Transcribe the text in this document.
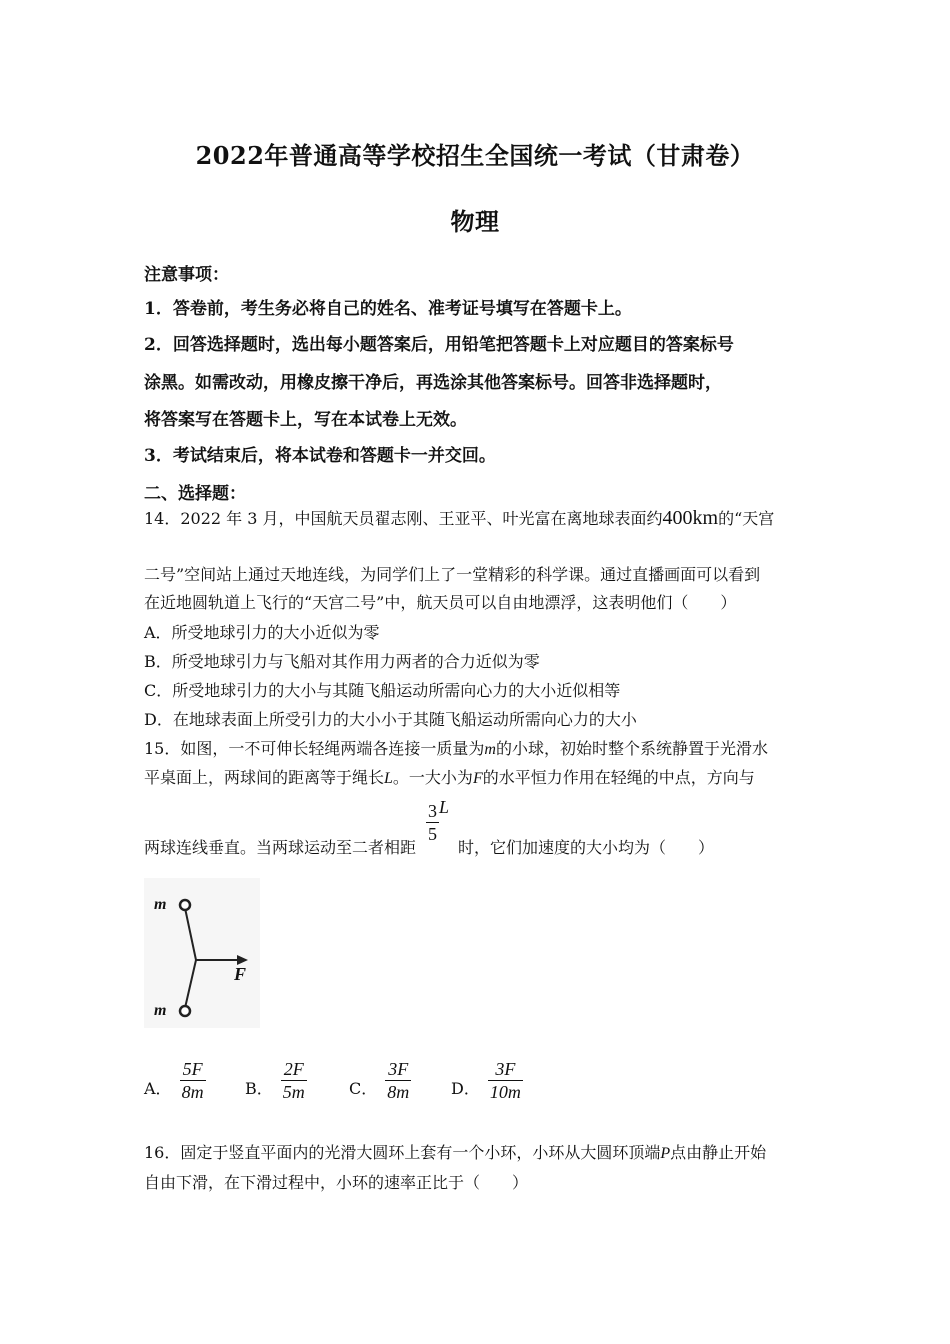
2022年普通高等学校招生全国统一考试（甘肃卷）
物理
注意事项：
1．答卷前，考生务必将自己的姓名、准考证号填写在答题卡上。
2．回答选择题时，选出每小题答案后，用铅笔把答题卡上对应题目的答案标号
涂黑。如需改动，用橡皮擦干净后，再选涂其他答案标号。回答非选择题时，
将答案写在答题卡上，写在本试卷上无效。
3．考试结束后，将本试卷和答题卡一并交回。
二、选择题：
14．2022 年 3 月，中国航天员翟志刚、王亚平、叶光富在离地球表面约400km的“天宫
二号”空间站上通过天地连线，为同学们上了一堂精彩的科学课。通过直播画面可以看到
在近地圆轨道上飞行的“天宫二号”中，航天员可以自由地漂浮，这表明他们（　　）
A．所受地球引力的大小近似为零
B．所受地球引力与飞船对其作用力两者的合力近似为零
C．所受地球引力的大小与其随飞船运动所需向心力的大小近似相等
D．在地球表面上所受引力的大小小于其随飞船运动所需向心力的大小
15．如图，一不可伸长轻绳两端各连接一质量为m的小球，初始时整个系统静置于光滑水
平桌面上，两球间的距离等于绳长L。一大小为F的水平恒力作用在轻绳的中点，方向与
两球连线垂直。当两球运动至二者相距
$\frac{3}{5}$ L
时，它们加速度的大小均为（　　）
m
m
F
A． $\frac{5F}{8m}$ B． $\frac{2F}{5m}$	C． $\frac{3F}{8m}$ D． $\frac{3F}{10m}$
16．固定于竖直平面内的光滑大圆环上套有一个小环，小环从大圆环顶端P点由静止开始
自由下滑，在下滑过程中，小环的速率正比于（　　）
